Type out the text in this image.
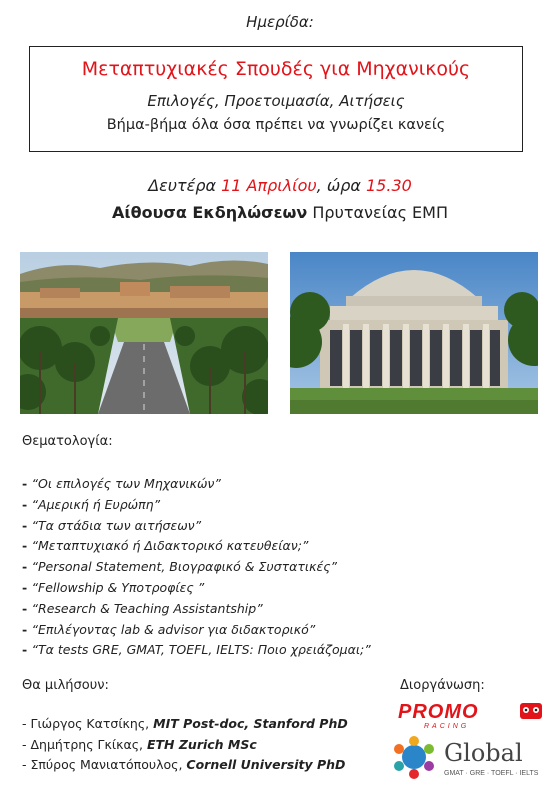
Ημερίδα:
Μεταπτυχιακές Σπουδές για Μηχανικούς
Επιλογές, Προετοιμασία, Αιτήσεις
Βήμα-βήμα όλα όσα πρέπει να γνωρίζει κανείς
Δευτέρα 11 Απριλίου, ώρα 15.30
Αίθουσα Εκδηλώσεων Πρυτανείας ΕΜΠ
Θεματολογία:
- “Οι επιλογές των Μηχανικών”
- “Αμερική ή Ευρώπη”
- “Τα στάδια των αιτήσεων”
- “Μεταπτυχιακό ή Διδακτορικό κατευθείαν;”
- “Personal Statement, Βιογραφικό & Συστατικές”
- “Fellowship & Υποτροφίες ”
- “Research & Teaching Assistantship”
- “Επιλέγοντας lab & advisor για διδακτορικό”
- “Τα tests GRE, GMAT, TOEFL, IELTS: Ποιο χρειάζομαι;”
Θα μιλήσουν:
- Γιώργος Κατσίκης, MIT Post-doc, Stanford PhD
- Δημήτρης Γκίκας, ETH Zurich MSc
- Σπύρος Μανιατόπουλος, Cornell University PhD
Διοργάνωση:
PROMO
RACING
Global
GMAT · GRE · TOEFL · IELTS
